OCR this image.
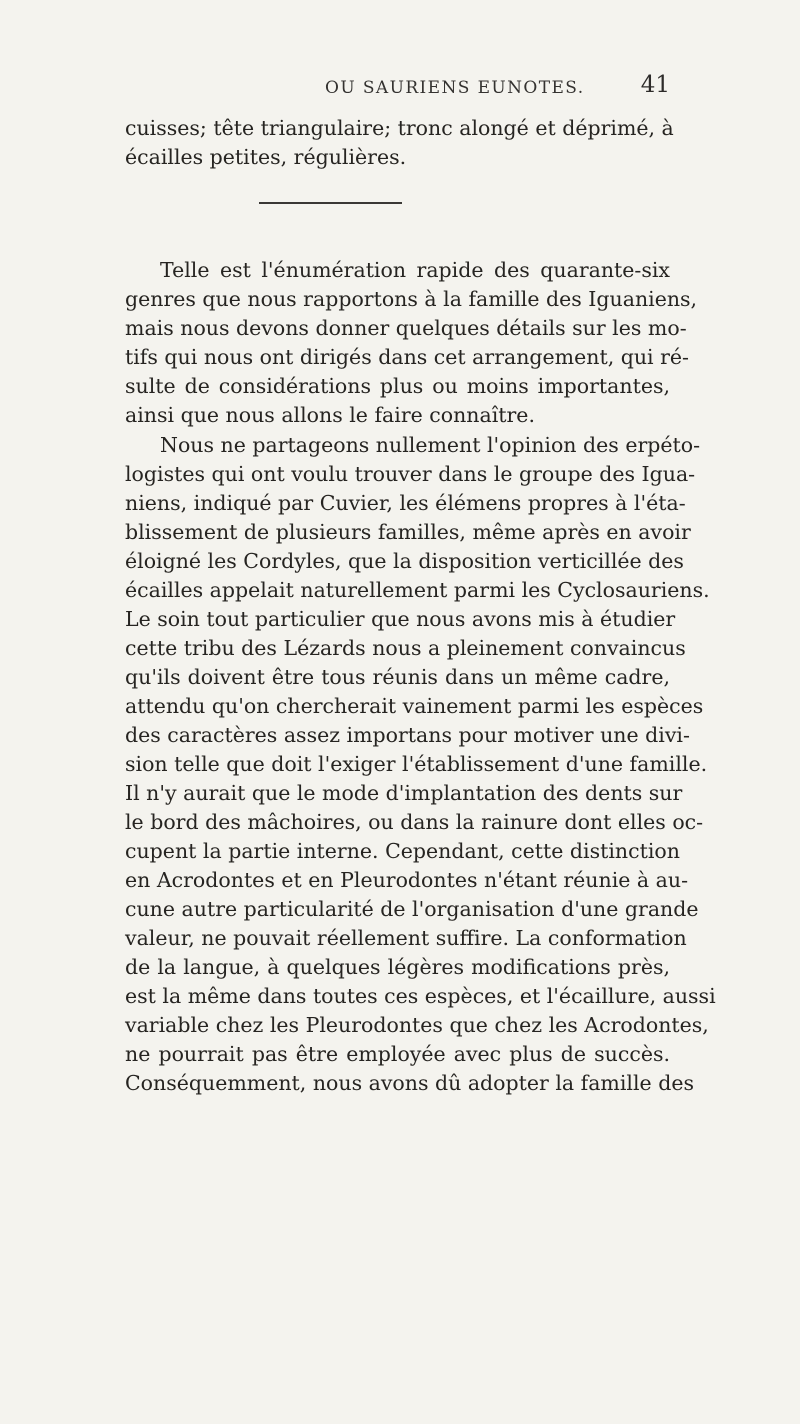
OU SAURIENS EUNOTES. 41
cuisses; tête triangulaire; tronc alongé et déprimé, à
écailles petites, régulières.
Telle est l'énumération rapide des quarante-six
genres que nous rapportons à la famille des Iguaniens,
mais nous devons donner quelques détails sur les mo-
tifs qui nous ont dirigés dans cet arrangement, qui ré-
sulte de considérations plus ou moins importantes,
ainsi que nous allons le faire connaître.
Nous ne partageons nullement l'opinion des erpéto-
logistes qui ont voulu trouver dans le groupe des Igua-
niens, indiqué par Cuvier, les élémens propres à l'éta-
blissement de plusieurs familles, même après en avoir
éloigné les Cordyles, que la disposition verticillée des
écailles appelait naturellement parmi les Cyclosauriens.
Le soin tout particulier que nous avons mis à étudier
cette tribu des Lézards nous a pleinement convaincus
qu'ils doivent être tous réunis dans un même cadre,
attendu qu'on chercherait vainement parmi les espèces
des caractères assez importans pour motiver une divi-
sion telle que doit l'exiger l'établissement d'une famille.
Il n'y aurait que le mode d'implantation des dents sur
le bord des mâchoires, ou dans la rainure dont elles oc-
cupent la partie interne. Cependant, cette distinction
en Acrodontes et en Pleurodontes n'étant réunie à au-
cune autre particularité de l'organisation d'une grande
valeur, ne pouvait réellement suffire. La conformation
de la langue, à quelques légères modifications près,
est la même dans toutes ces espèces, et l'écaillure, aussi
variable chez les Pleurodontes que chez les Acrodontes,
ne pourrait pas être employée avec plus de succès.
Conséquemment, nous avons dû adopter la famille des
